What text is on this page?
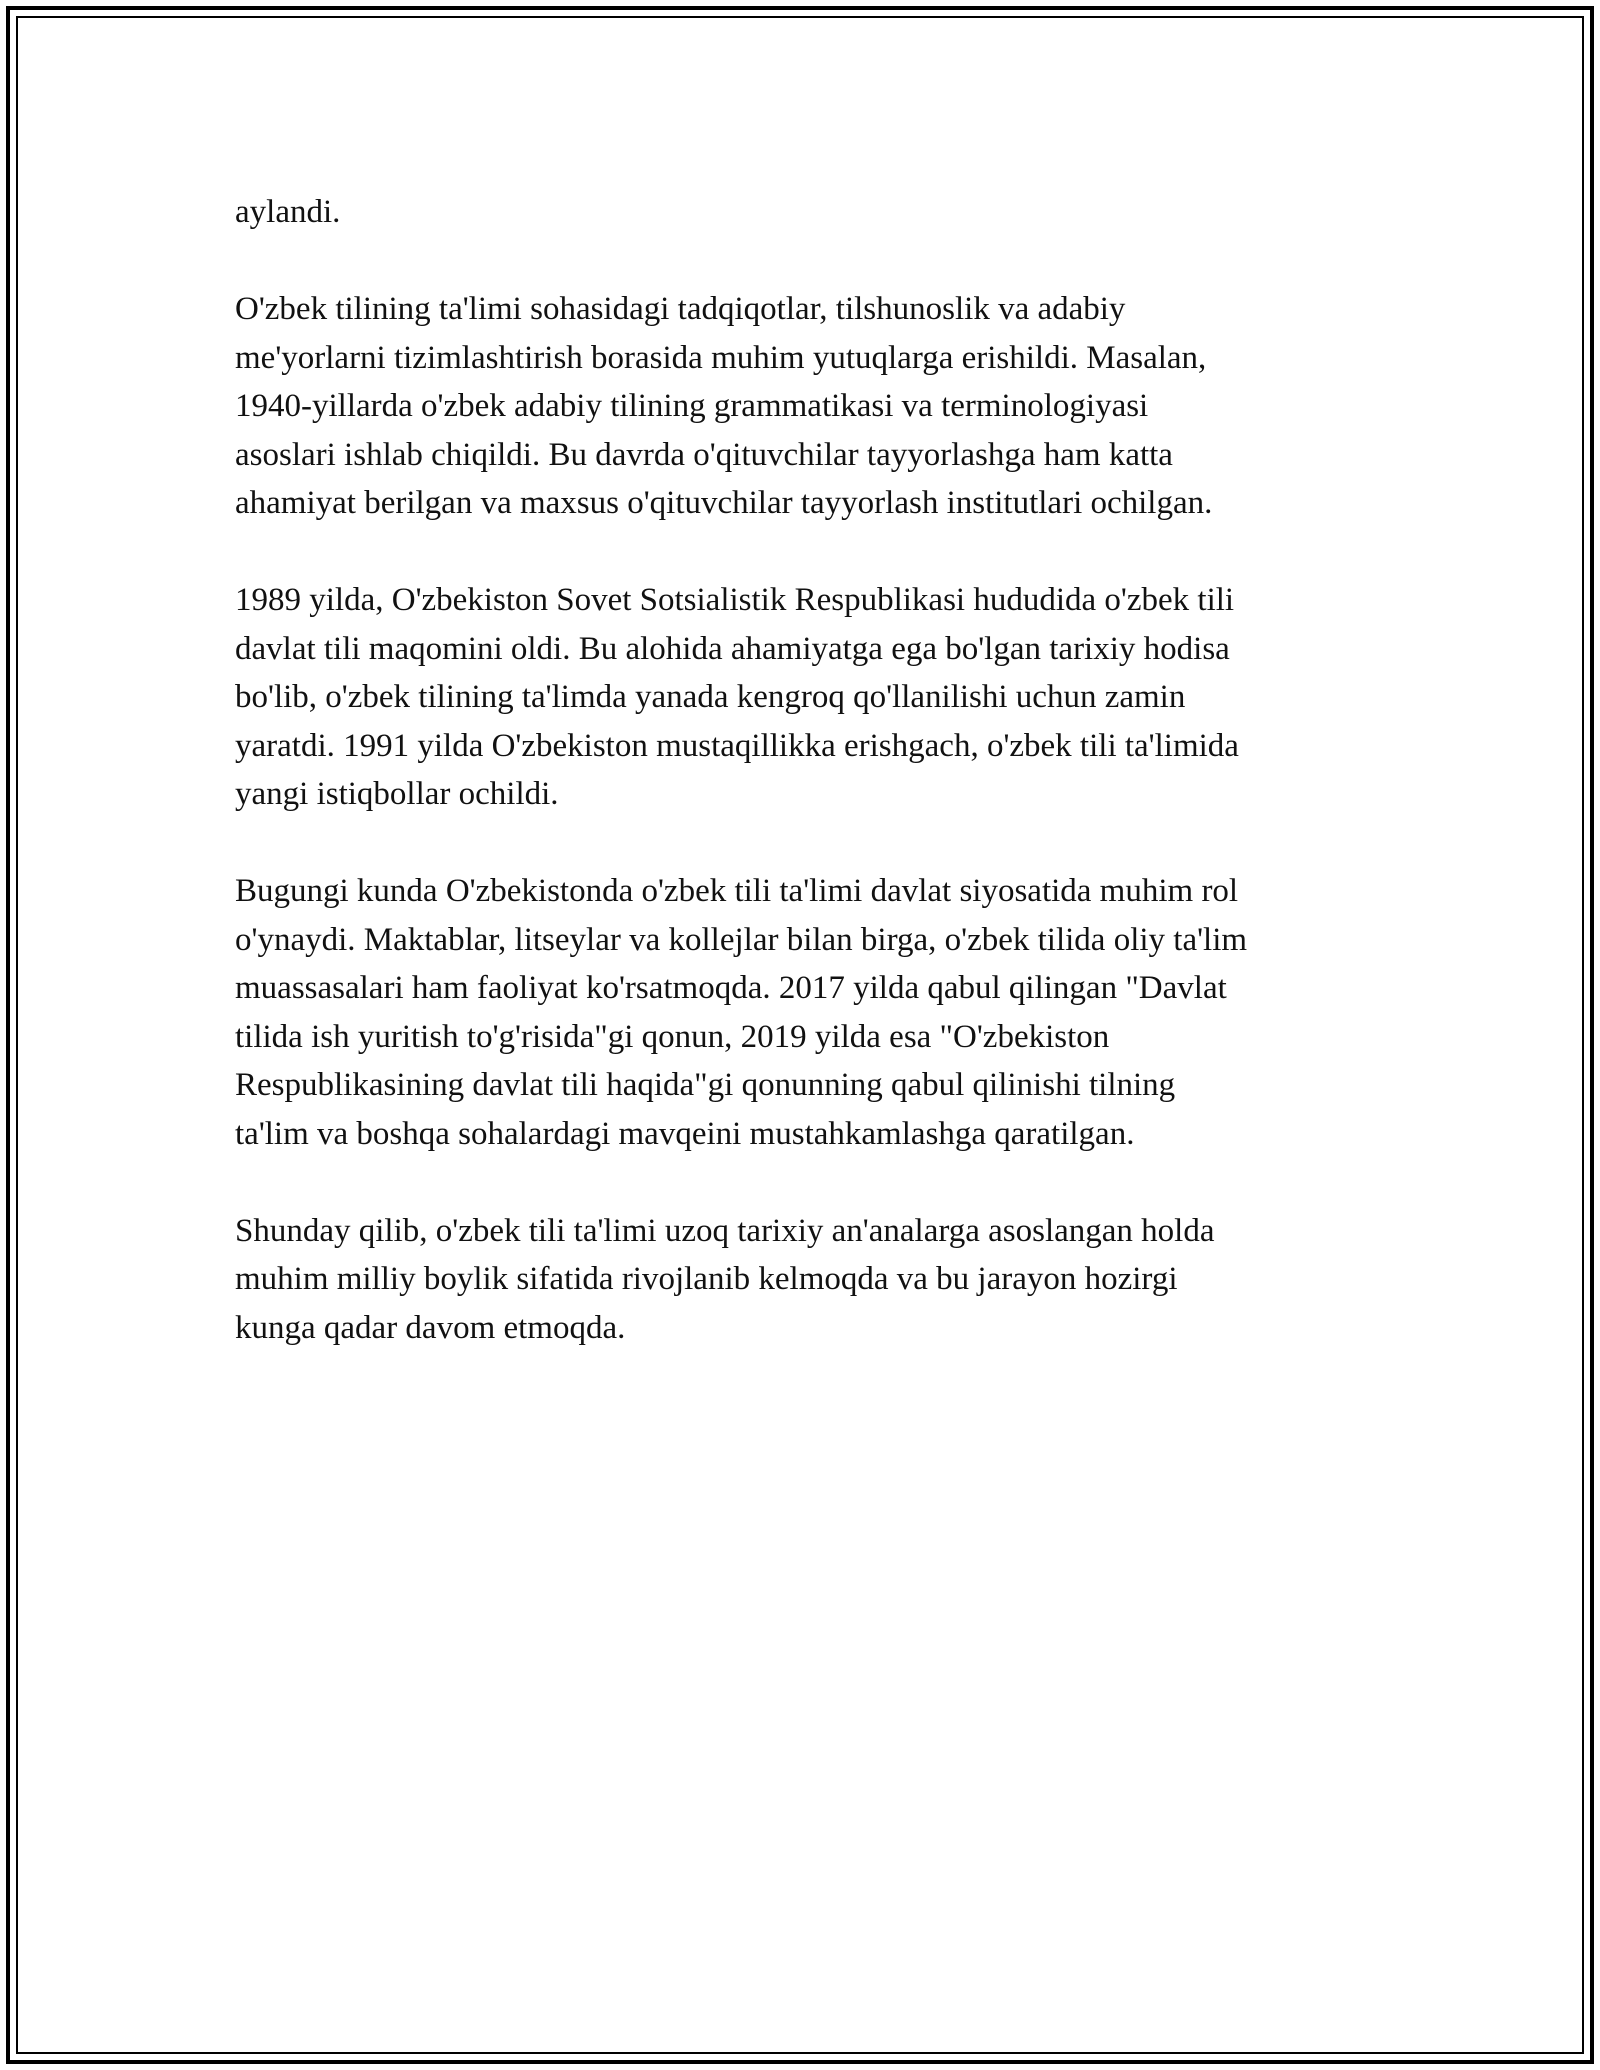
aylandi.

O'zbek tilining ta'limi sohasidagi tadqiqotlar, tilshunoslik va adabiy
me'yorlarni tizimlashtirish borasida muhim yutuqlarga erishildi. Masalan,
1940-yillarda o'zbek adabiy tilining grammatikasi va terminologiyasi
asoslari ishlab chiqildi. Bu davrda o'qituvchilar tayyorlashga ham katta
ahamiyat berilgan va maxsus o'qituvchilar tayyorlash institutlari ochilgan.

1989 yilda, O'zbekiston Sovet Sotsialistik Respublikasi hududida o'zbek tili
davlat tili maqomini oldi. Bu alohida ahamiyatga ega bo'lgan tarixiy hodisa
bo'lib, o'zbek tilining ta'limda yanada kengroq qo'llanilishi uchun zamin
yaratdi. 1991 yilda O'zbekiston mustaqillikka erishgach, o'zbek tili ta'limida
yangi istiqbollar ochildi.

Bugungi kunda O'zbekistonda o'zbek tili ta'limi davlat siyosatida muhim rol
o'ynaydi. Maktablar, litseylar va kollejlar bilan birga, o'zbek tilida oliy ta'lim
muassasalari ham faoliyat ko'rsatmoqda. 2017 yilda qabul qilingan "Davlat
tilida ish yuritish to'g'risida"gi qonun, 2019 yilda esa "O'zbekiston
Respublikasining davlat tili haqida"gi qonunning qabul qilinishi tilning
ta'lim va boshqa sohalardagi mavqeini mustahkamlashga qaratilgan.

Shunday qilib, o'zbek tili ta'limi uzoq tarixiy an'analarga asoslangan holda
muhim milliy boylik sifatida rivojlanib kelmoqda va bu jarayon hozirgi
kunga qadar davom etmoqda.
